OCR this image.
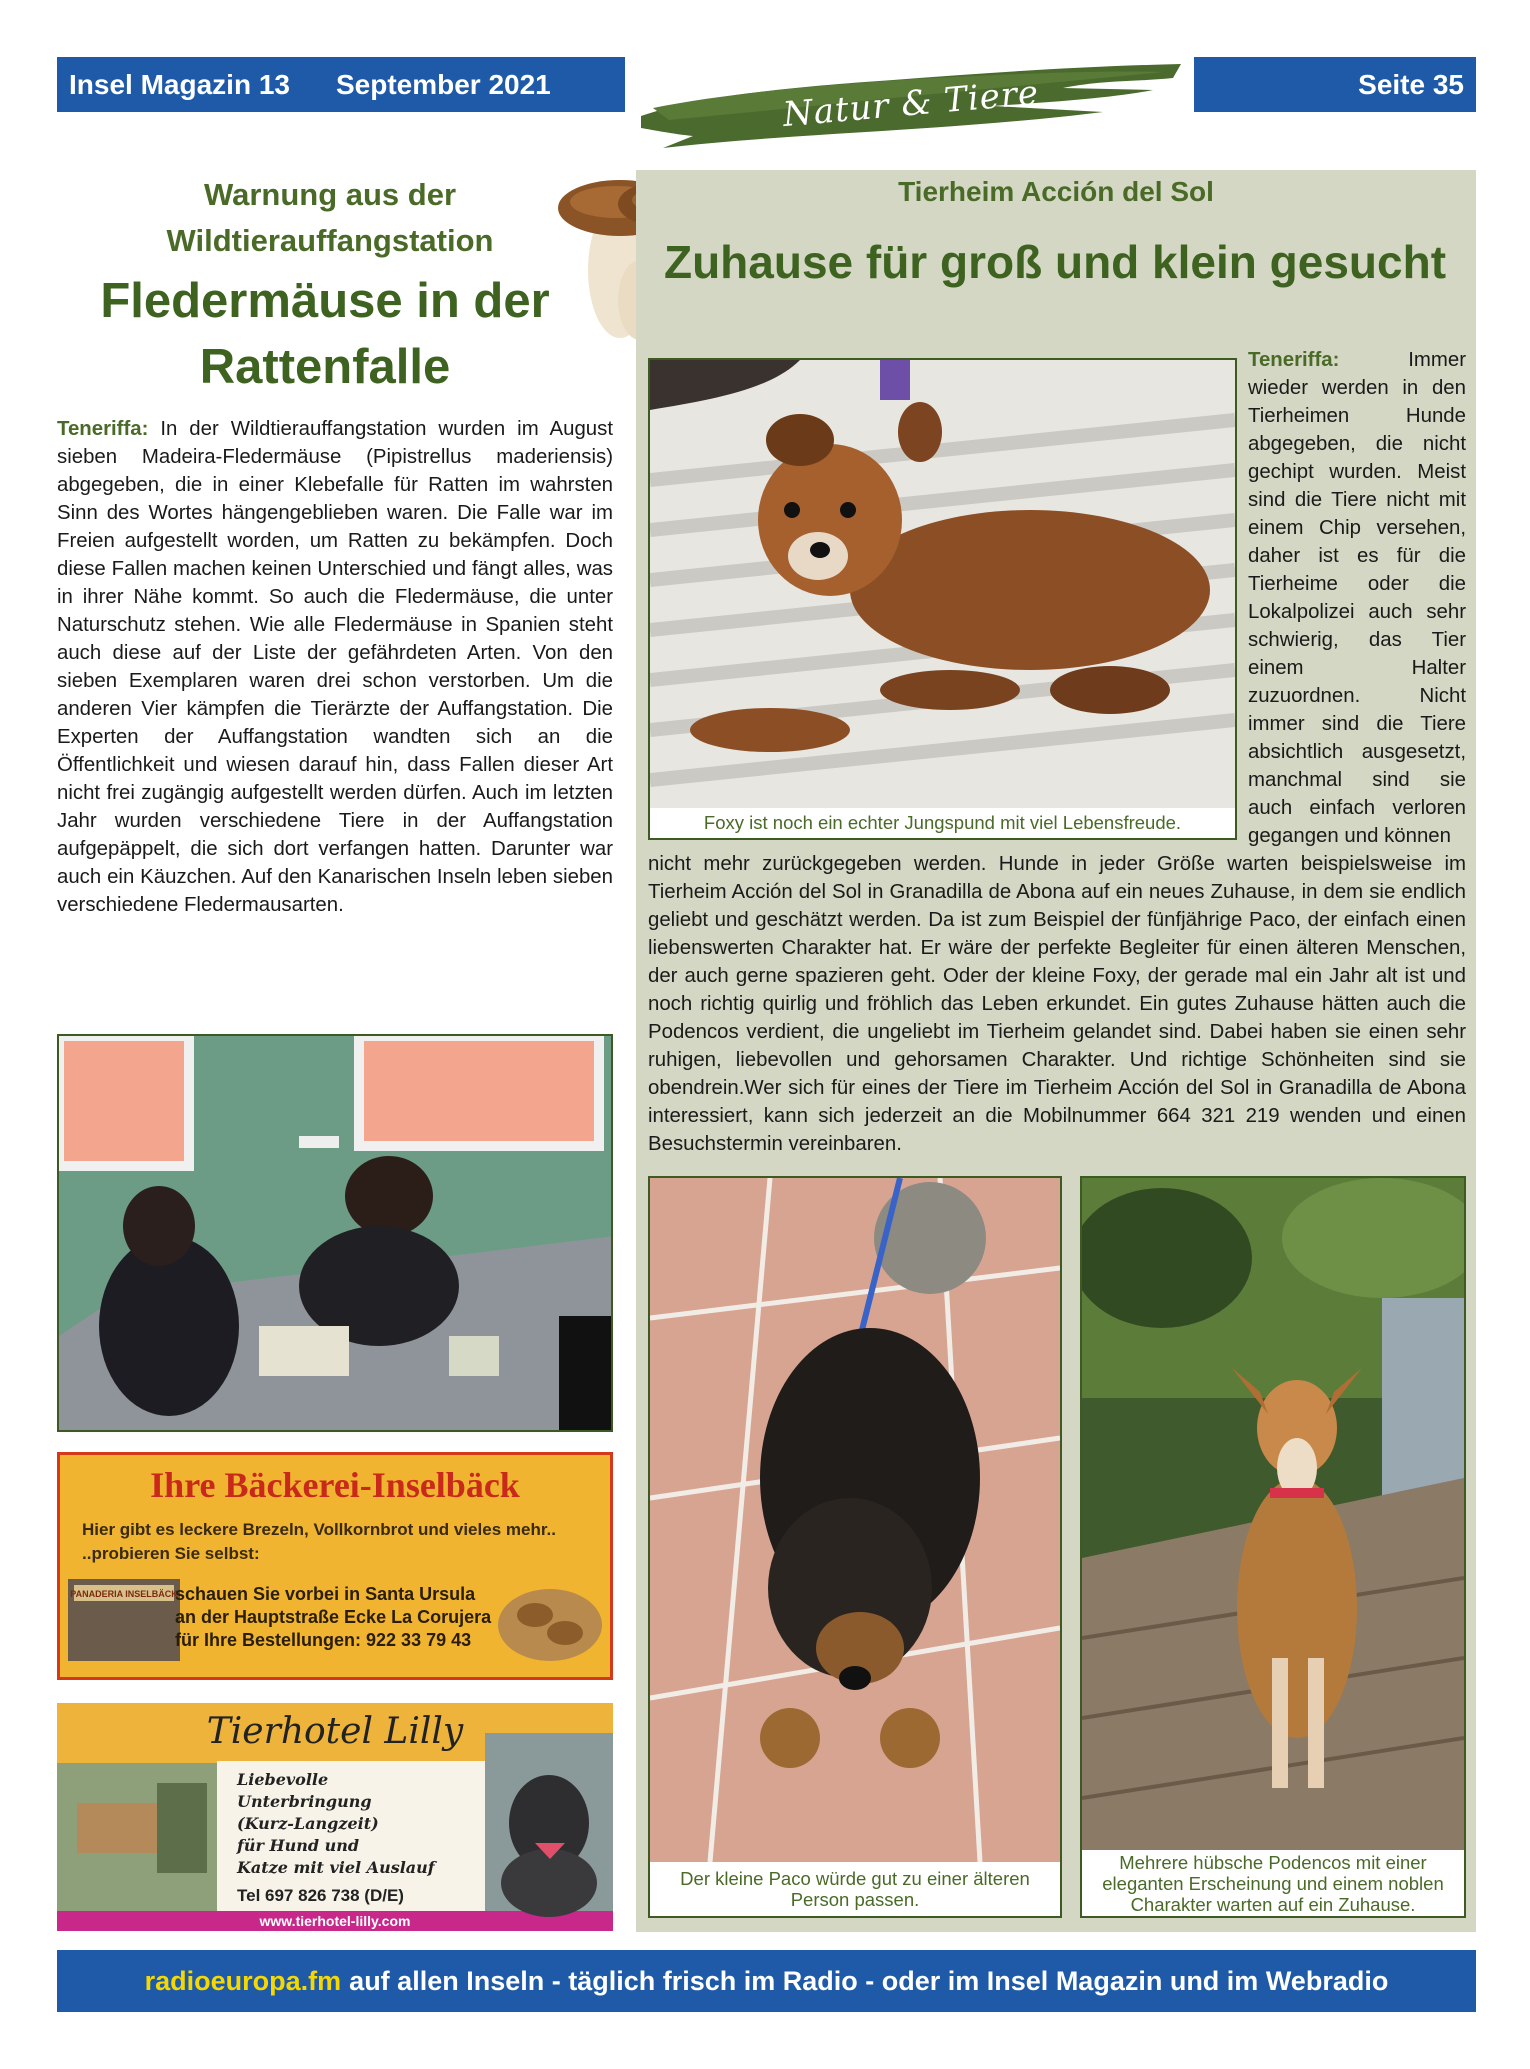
Insel Magazin 13 September 2021	Natur & Tiere	Seite 35
Warnung aus der Wildtierauffangstation
Fledermäuse in der Rattenfalle
Teneriffa: In der Wildtierauffangstation wurden im August sieben Madeira-Fledermäuse (Pipistrellus maderiensis) abgegeben, die in einer Klebefalle für Ratten im wahrsten Sinn des Wortes hängengeblieben waren. Die Falle war im Freien aufgestellt worden, um Ratten zu bekämpfen. Doch diese Fallen machen keinen Unterschied und fängt alles, was in ihrer Nähe kommt. So auch die Fledermäuse, die unter Naturschutz stehen. Wie alle Fledermäuse in Spanien steht auch diese auf der Liste der gefährdeten Arten. Von den sieben Exemplaren waren drei schon verstorben. Um die anderen Vier kämpfen die Tierärzte der Auffangstation. Die Experten der Auffangstation wandten sich an die Öffentlichkeit und wiesen darauf hin, dass Fallen dieser Art nicht frei zugängig aufgestellt werden dürfen. Auch im letzten Jahr wurden verschiedene Tiere in der Auffangstation aufgepäppelt, die sich dort verfangen hatten. Darunter war auch ein Käuzchen. Auf den Kanarischen Inseln leben sieben verschiedene Fledermausarten.
Ihre Bäckerei-Inselbäck
Hier gibt es leckere Brezeln, Vollkornbrot und vieles mehr..
..probieren Sie selbst:
PANADERIA INSELBÄCK
schauen Sie vorbei in Santa Ursula
an der Hauptstraße Ecke La Corujera
für Ihre Bestellungen: 922 33 79 43
Tierhotel Lilly
Liebevolle
Unterbringung
(Kurz-Langzeit)
für Hund und
Katze mit viel Auslauf
Tel 697 826 738 (D/E)
www.tierhotel-lilly.com
Tierheim Acción del Sol
Zuhause für groß und klein gesucht
Foxy ist noch ein echter Jungspund mit viel Lebensfreude.
Teneriffa:	Immer wieder werden in den Tierheimen Hunde abgegeben, die nicht gechipt wurden. Meist sind die Tiere nicht mit einem Chip versehen, daher ist es für die Tierheime oder die Lokalpolizei auch sehr schwierig, das Tier einem Halter zuzuordnen. Nicht immer sind die Tiere absichtlich ausgesetzt, manchmal sind sie auch einfach verloren gegangen und können
nicht mehr zurückgegeben werden. Hunde in jeder Größe warten beispielsweise im Tierheim Acción del Sol in Granadilla de Abona auf ein neues Zuhause, in dem sie endlich geliebt und geschätzt werden. Da ist zum Beispiel der fünfjährige Paco, der einfach einen liebenswerten Charakter hat. Er wäre der perfekte Begleiter für einen älteren Menschen, der auch gerne spazieren geht. Oder der kleine Foxy, der gerade mal ein Jahr alt ist und noch richtig quirlig und fröhlich das Leben erkundet. Ein gutes Zuhause hätten auch die Podencos verdient, die ungeliebt im Tierheim gelandet sind. Dabei haben sie einen sehr ruhigen, liebevollen und gehorsamen Charakter. Und richtige Schönheiten sind sie obendrein.Wer sich für eines der Tiere im Tierheim Acción del Sol in Granadilla de Abona interessiert, kann sich jederzeit an die Mobilnummer 664 321 219 wenden und einen Besuchstermin vereinbaren.
Der kleine Paco würde gut zu einer älteren Person passen.
Mehrere hübsche Podencos mit einer eleganten Erscheinung und einem noblen Charakter warten auf ein Zuhause.
radioeuropa.fm auf allen Inseln - täglich frisch im Radio - oder im Insel Magazin und im Webradio
